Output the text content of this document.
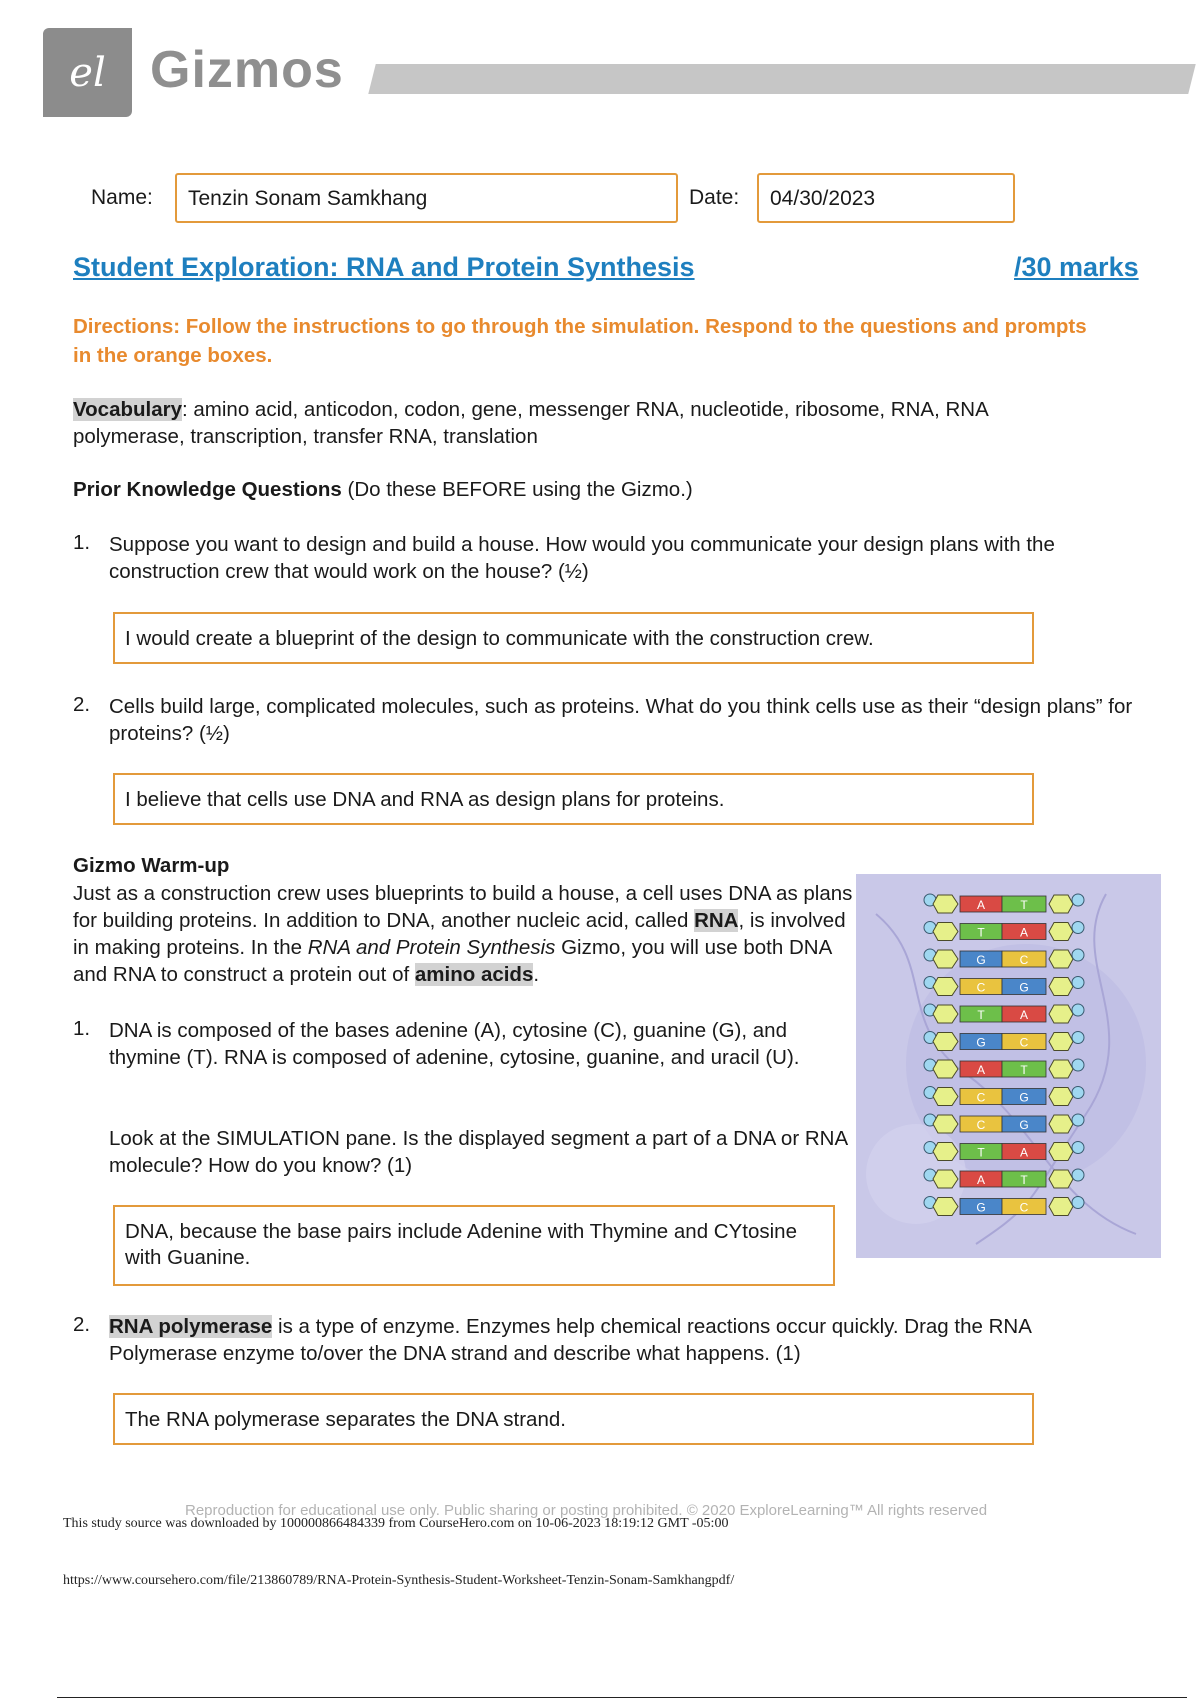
el Gizmos
Name:	Tenzin Sonam Samkhang	Date:	04/30/2023
Student Exploration: RNA and Protein Synthesis	/30 marks
Directions: Follow the instructions to go through the simulation. Respond to the questions and prompts in the orange boxes.
Vocabulary: amino acid, anticodon, codon, gene, messenger RNA, nucleotide, ribosome, RNA, RNA polymerase, transcription, transfer RNA, translation
Prior Knowledge Questions (Do these BEFORE using the Gizmo.)
1. Suppose you want to design and build a house. How would you communicate your design plans with the construction crew that would work on the house? (½)
I would create a blueprint of the design to communicate with the construction crew.
2. Cells build large, complicated molecules, such as proteins. What do you think cells use as their “design plans” for proteins? (½)
I believe that cells use DNA and RNA as design plans for proteins.
Gizmo Warm-up
Just as a construction crew uses blueprints to build a house, a cell uses DNA as plans for building proteins. In addition to DNA, another nucleic acid, called RNA, is involved in making proteins. In the RNA and Protein Synthesis Gizmo, you will use both DNA and RNA to construct a protein out of amino acids.
1. DNA is composed of the bases adenine (A), cytosine (C), guanine (G), and thymine (T). RNA is composed of adenine, cytosine, guanine, and uracil (U).
Look at the SIMULATION pane. Is the displayed segment a part of a DNA or RNA molecule? How do you know? (1)
DNA, because the base pairs include Adenine with Thymine and CYtosine with Guanine.
A	T
T	A
G	C
C	G
T	A
G	C
A	T
C	G
C	G
T	A
A	T
G	C
2. RNA polymerase is a type of enzyme. Enzymes help chemical reactions occur quickly. Drag the RNA Polymerase enzyme to/over the DNA strand and describe what happens. (1)
The RNA polymerase separates the DNA strand.
Reproduction for educational use only. Public sharing or posting prohibited. © 2020 ExploreLearning™ All rights reserved
This study source was downloaded by 100000866484339 from CourseHero.com on 10-06-2023 18:19:12 GMT -05:00
https://www.coursehero.com/file/213860789/RNA-Protein-Synthesis-Student-Worksheet-Tenzin-Sonam-Samkhangpdf/
